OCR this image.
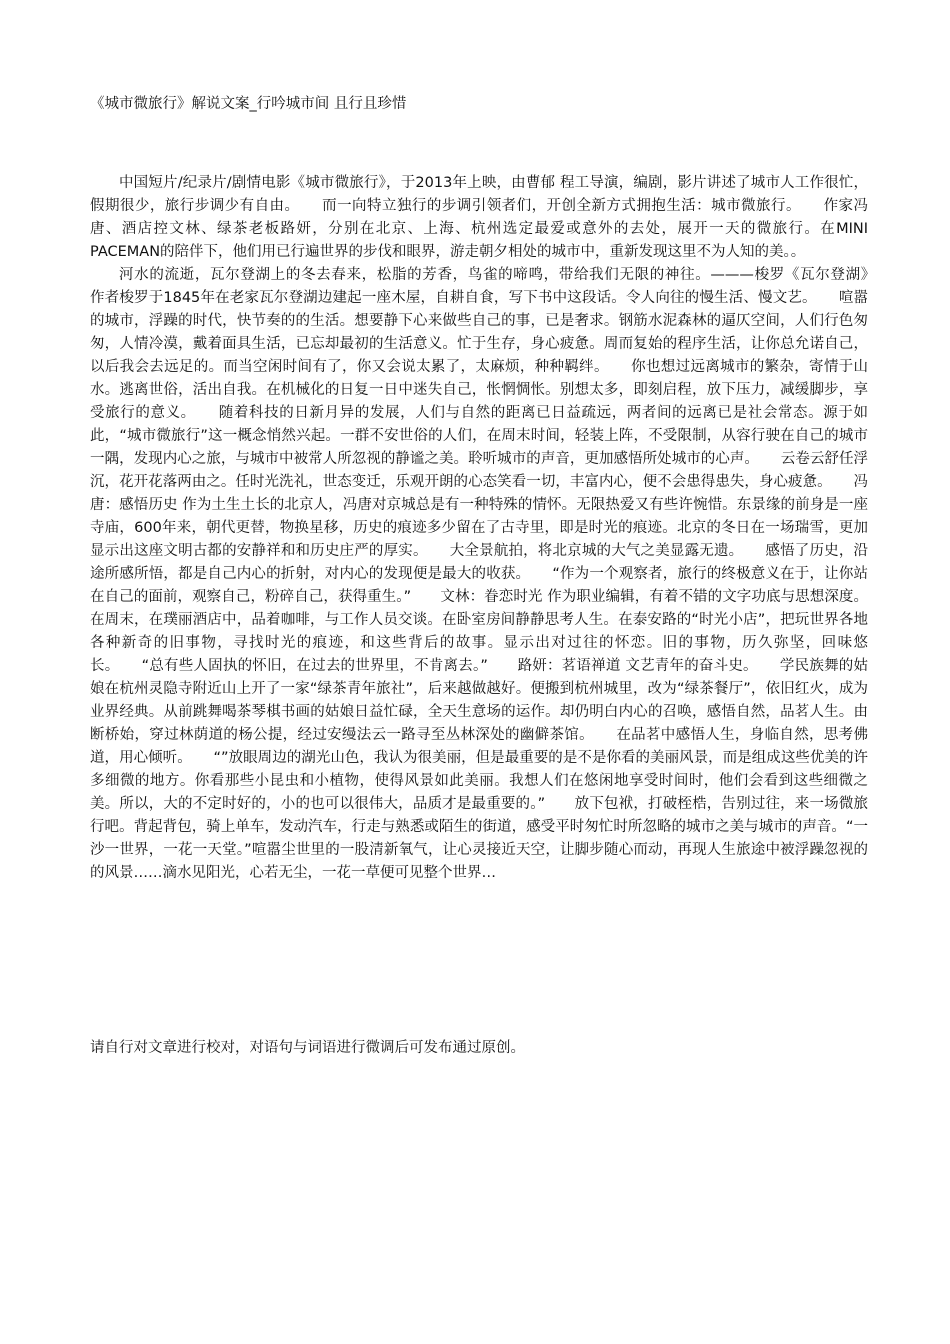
《城市微旅行》解说文案_行吟城市间 且行且珍惜

中国短片/纪录片/剧情电影《城市微旅行》，于2013年上映，由曹郁 程工导演，编剧，影片讲述了城市人工作很忙，假期很少，旅行步调少有自由。　　而一向特立独行的步调引领者们，开创全新方式拥抱生活：城市微旅行。　　作家冯唐、酒店控文林、绿茶老板路妍，分别在北京、上海、杭州选定最爱或意外的去处，展开一天的微旅行。在MINI PACEMAN的陪伴下，他们用已行遍世界的步伐和眼界，游走朝夕相处的城市中，重新发现这里不为人知的美。。

河水的流逝，瓦尔登湖上的冬去春来，松脂的芳香，鸟雀的啼鸣，带给我们无限的神往。———梭罗《瓦尔登湖》　　作者梭罗于1845年在老家瓦尔登湖边建起一座木屋，自耕自食，写下书中这段话。令人向往的慢生活、慢文艺。　　喧嚣的城市，浮躁的时代，快节奏的的生活。想要静下心来做些自己的事，已是奢求。钢筋水泥森林的逼仄空间，人们行色匆匆，人情冷漠，戴着面具生活，已忘却最初的生活意义。忙于生存，身心疲惫。周而复始的程序生活，让你总允诺自己，以后我会去远足的。而当空闲时间有了，你又会说太累了，太麻烦，种种羁绊。　　你也想过远离城市的繁杂，寄情于山水。逃离世俗，活出自我。在机械化的日复一日中迷失自己，怅惘惆怅。别想太多，即刻启程，放下压力，减缓脚步，享受旅行的意义。　　随着科技的日新月异的发展，人们与自然的距离已日益疏远，两者间的远离已是社会常态。源于如此，“城市微旅行”这一概念悄然兴起。一群不安世俗的人们，在周末时间，轻装上阵，不受限制，从容行驶在自己的城市一隅，发现内心之旅，与城市中被常人所忽视的静谧之美。聆听城市的声音，更加感悟所处城市的心声。　　云卷云舒任浮沉，花开花落两由之。任时光洗礼，世态变迁，乐观开朗的心态笑看一切，丰富内心，便不会患得患失，身心疲惫。　　冯唐：感悟历史 作为土生土长的北京人，冯唐对京城总是有一种特殊的情怀。无限热爱又有些许惋惜。东景缘的前身是一座寺庙，600年来，朝代更替，物换星移，历史的痕迹多少留在了古寺里，即是时光的痕迹。北京的冬日在一场瑞雪，更加显示出这座文明古都的安静祥和和历史庄严的厚实。　　大全景航拍，将北京城的大气之美显露无遗。　　感悟了历史，沿途所感所悟，都是自己内心的折射，对内心的发现便是最大的收获。　　“作为一个观察者，旅行的终极意义在于，让你站在自己的面前，观察自己，粉碎自己，获得重生。”　　文林：眷恋时光 作为职业编辑，有着不错的文字功底与思想深度。在周末，在璞丽酒店中，品着咖啡，与工作人员交谈。在卧室房间静静思考人生。在泰安路的“时光小店”，把玩世界各地各种新奇的旧事物，寻找时光的痕迹，和这些背后的故事。显示出对过往的怀恋。旧的事物，历久弥坚，回味悠长。　　“总有些人固执的怀旧，在过去的世界里，不肯离去。”　　路妍：茗语禅道 文艺青年的奋斗史。　　学民族舞的姑娘在杭州灵隐寺附近山上开了一家“绿茶青年旅社”，后来越做越好。便搬到杭州城里，改为“绿茶餐厅”，依旧红火，成为业界经典。从前跳舞喝茶琴棋书画的姑娘日益忙碌，全天生意场的运作。却仍明白内心的召唤，感悟自然，品茗人生。由断桥始，穿过林荫道的杨公提，经过安缦法云一路寻至丛林深处的幽僻茶馆。　　在品茗中感悟人生，身临自然，思考佛道，用心倾听。　　“”放眼周边的湖光山色，我认为很美丽，但是最重要的是不是你看的美丽风景，而是组成这些优美的许多细微的地方。你看那些小昆虫和小植物，使得风景如此美丽。我想人们在悠闲地享受时间时，他们会看到这些细微之美。所以，大的不定时好的，小的也可以很伟大，品质才是最重要的。”　　放下包袱，打破桎梏，告别过往，来一场微旅行吧。背起背包，骑上单车，发动汽车，行走与熟悉或陌生的街道，感受平时匆忙时所忽略的城市之美与城市的声音。“一沙一世界，一花一天堂。”喧嚣尘世里的一股清新氧气，让心灵接近天空，让脚步随心而动，再现人生旅途中被浮躁忽视的的风景……滴水见阳光，心若无尘，一花一草便可见整个世界…

请自行对文章进行校对，对语句与词语进行微调后可发布通过原创。
